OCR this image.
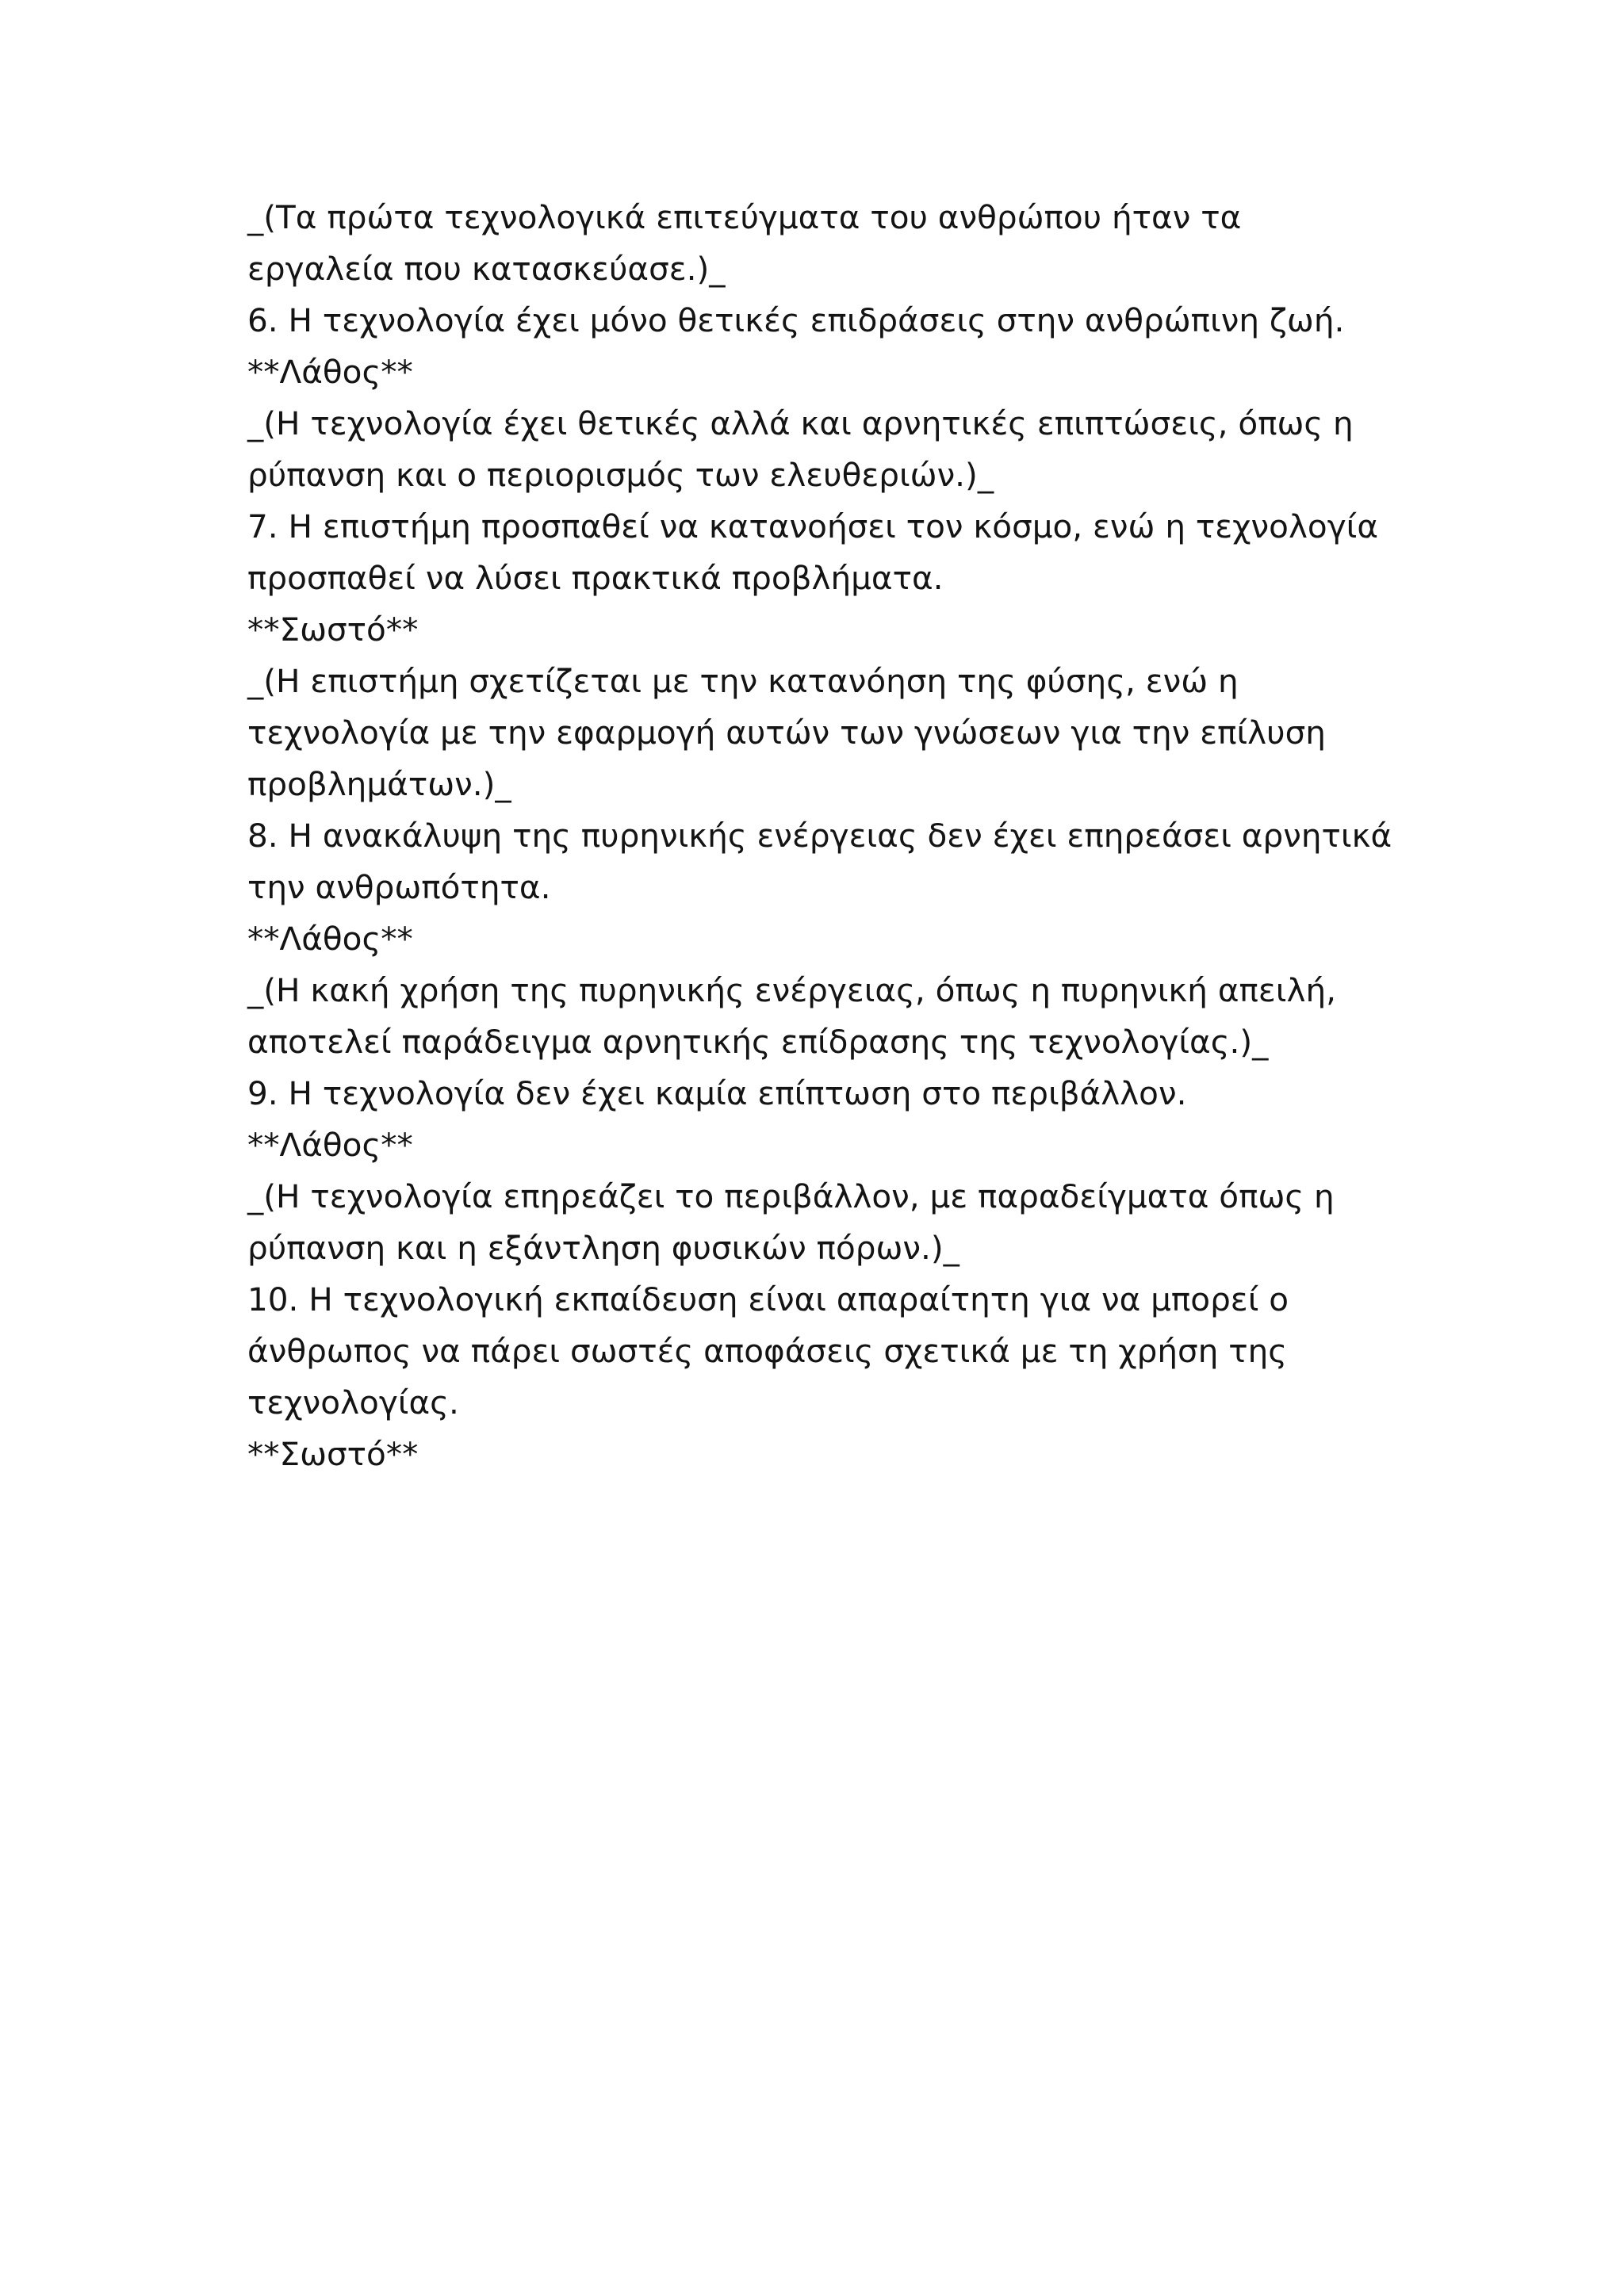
_(Τα πρώτα τεχνολογικά επιτεύγματα του ανθρώπου ήταν τα εργαλεία που κατασκεύασε.)_

6. Η τεχνολογία έχει μόνο θετικές επιδράσεις στην ανθρώπινη ζωή.

**Λάθος**

_(Η τεχνολογία έχει θετικές αλλά και αρνητικές επιπτώσεις, όπως η ρύπανση και ο περιορισμός των ελευθεριών.)_

7. Η επιστήμη προσπαθεί να κατανοήσει τον κόσμο, ενώ η τεχνολογία προσπαθεί να λύσει πρακτικά προβλήματα.

**Σωστό**

_(Η επιστήμη σχετίζεται με την κατανόηση της φύσης, ενώ η τεχνολογία με την εφαρμογή αυτών των γνώσεων για την επίλυση προβλημάτων.)_

8. Η ανακάλυψη της πυρηνικής ενέργειας δεν έχει επηρεάσει αρνητικά την ανθρωπότητα.

**Λάθος**

_(Η κακή χρήση της πυρηνικής ενέργειας, όπως η πυρηνική απειλή, αποτελεί παράδειγμα αρνητικής επίδρασης της τεχνολογίας.)_

9. Η τεχνολογία δεν έχει καμία επίπτωση στο περιβάλλον.

**Λάθος**

_(Η τεχνολογία επηρεάζει το περιβάλλον, με παραδείγματα όπως η ρύπανση και η εξάντληση φυσικών πόρων.)_

10. Η τεχνολογική εκπαίδευση είναι απαραίτητη για να μπορεί ο άνθρωπος να πάρει σωστές αποφάσεις σχετικά με τη χρήση της τεχνολογίας.

**Σωστό**
